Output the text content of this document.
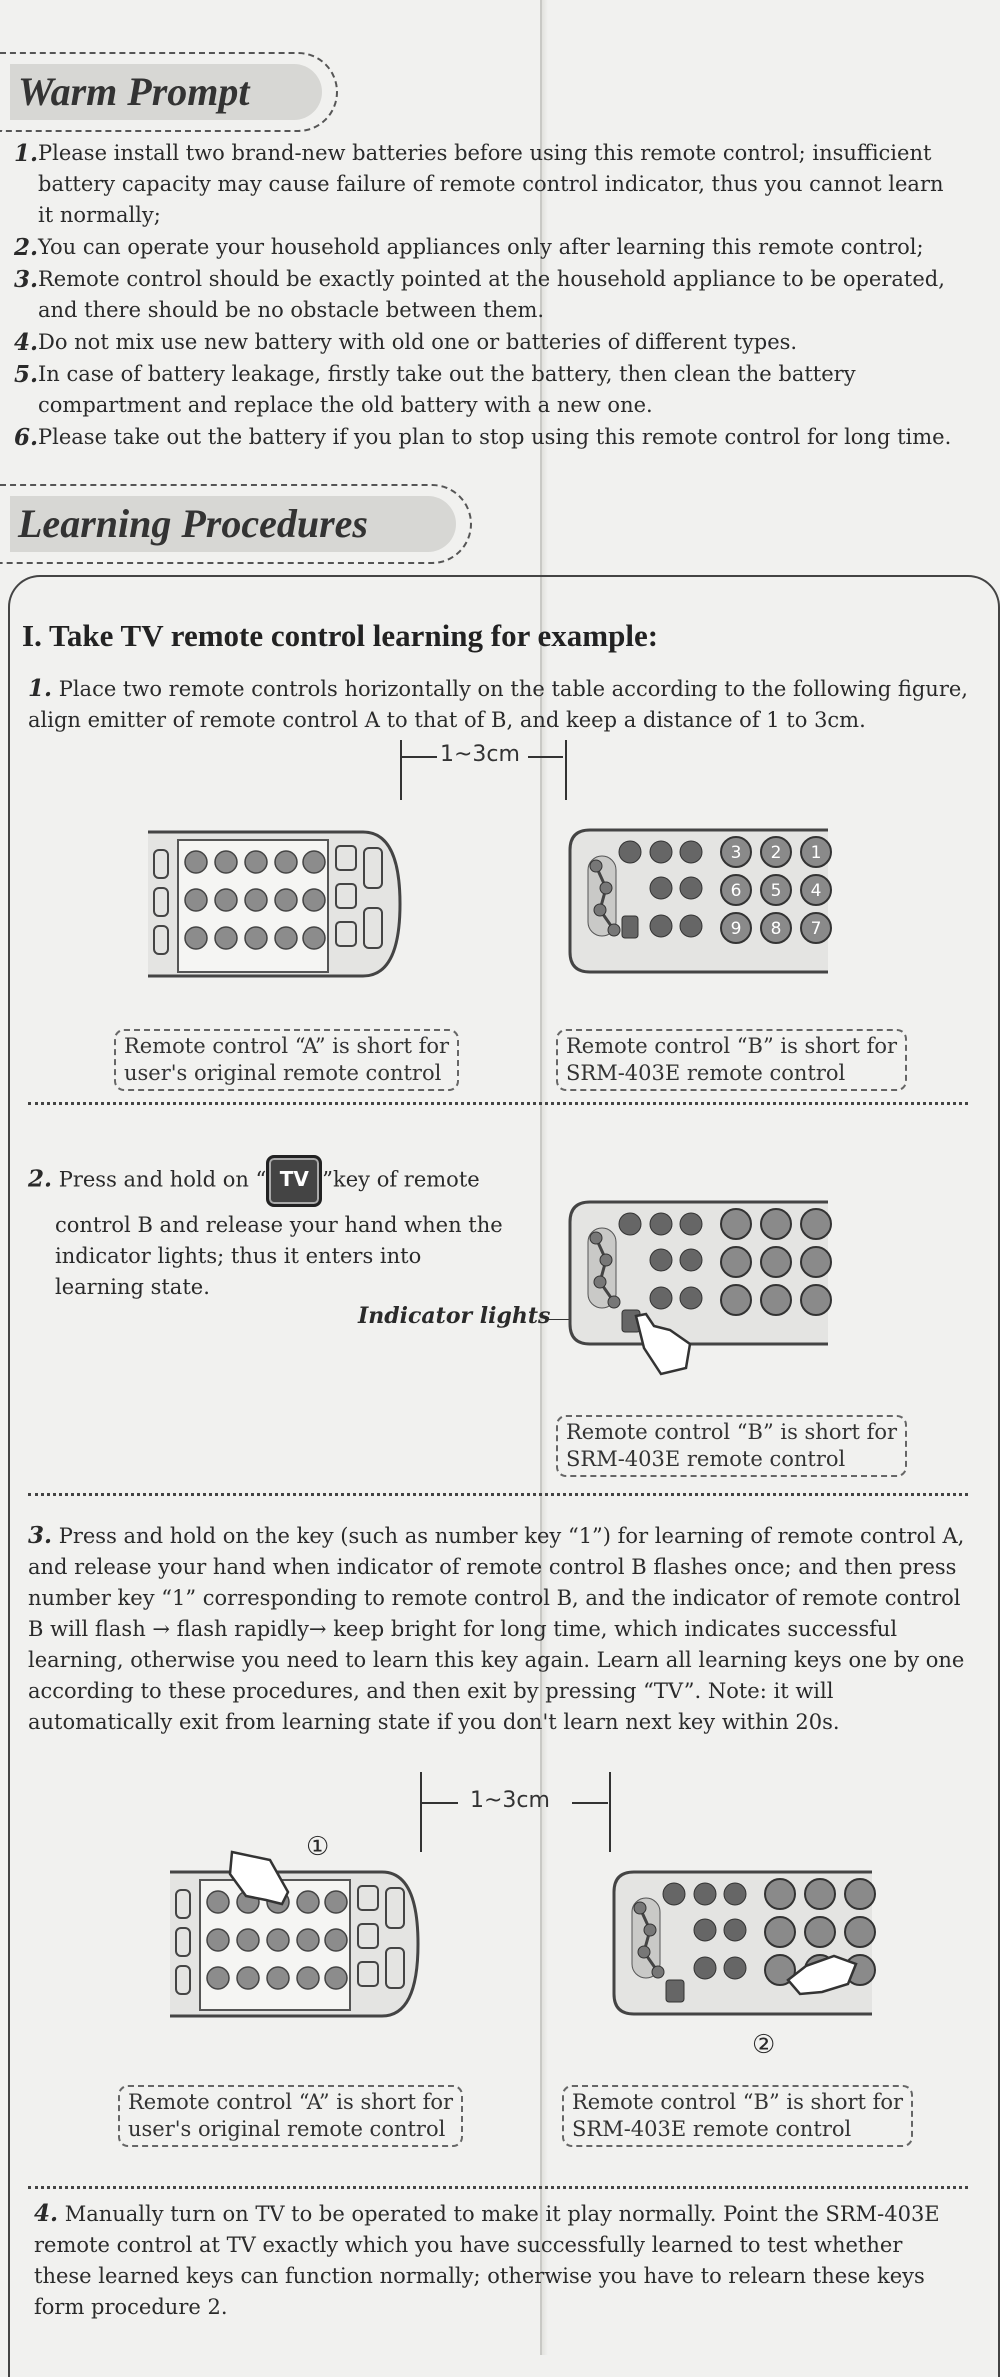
Warm Prompt
1. Please install two brand-new batteries before using this remote control; insufficient battery capacity may cause failure of remote control indicator, thus you cannot learn it normally;
2. You can operate your household appliances only after learning this remote control;
3. Remote control should be exactly pointed at the household appliance to be operated, and there should be no obstacle between them.
4. Do not mix use new battery with old one or batteries of different types.
5. In case of battery leakage, firstly take out the battery, then clean the battery compartment and replace the old battery with a new one.
6. Please take out the battery if you plan to stop using this remote control for long time.
Learning Procedures
I. Take TV remote control learning for example:
1. Place two remote controls horizontally on the table according to the following figure, align emitter of remote control A to that of B, and keep a distance of 1 to 3cm.
1~3cm
3
6
9
2
5
8
1
4
7
Remote control “A” is short for
user's original remote control
Remote control “B” is short for
SRM-403E remote control
2. Press and hold on “ TV ”key of remote
control B and release your hand when the indicator lights; thus it enters into learning state.
Indicator lights
Remote control “B” is short for
SRM-403E remote control
3. Press and hold on the key (such as number key “1”) for learning of remote control A, and release your hand when indicator of remote control B flashes once; and then press number key “1” corresponding to remote control B, and the indicator of remote control B will flash → flash rapidly→ keep bright for long time, which indicates successful learning, otherwise you need to learn this key again. Learn all learning keys one by one according to these procedures, and then exit by pressing “TV”. Note: it will automatically exit from learning state if you don't learn next key within 20s.
1~3cm
①
②
Remote control “A” is short for
user's original remote control
Remote control “B” is short for
SRM-403E remote control
4. Manually turn on TV to be operated to make it play normally. Point the SRM-403E remote control at TV exactly which you have successfully learned to test whether these learned keys can function normally; otherwise you have to relearn these keys form procedure 2.
